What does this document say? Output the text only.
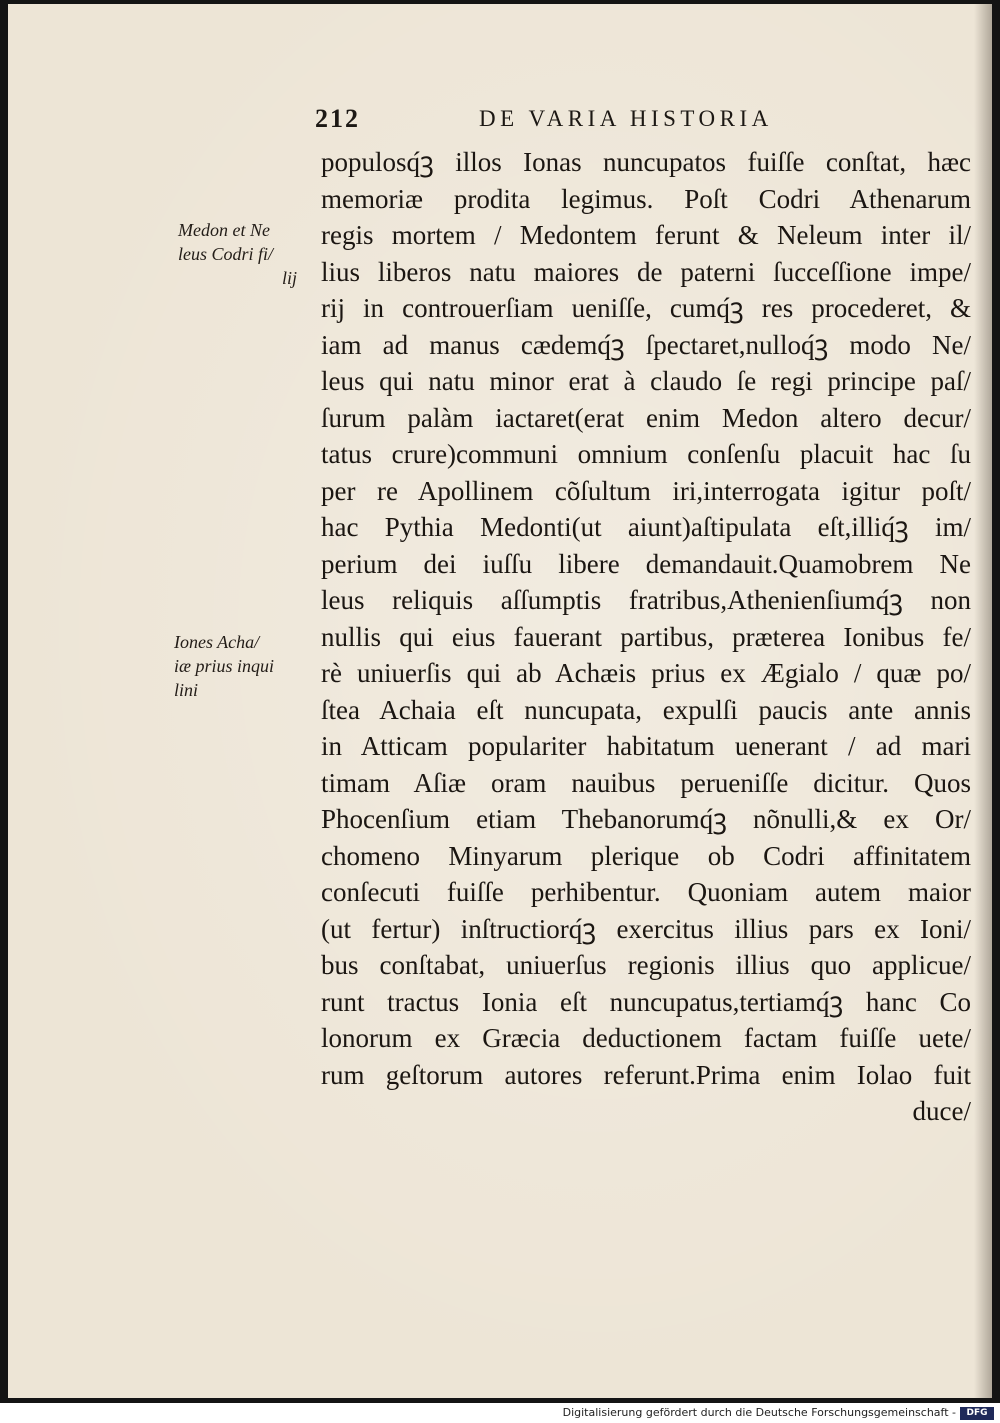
212	DE VARIA HISTORIA
Medon et Ne
leus Codri fi/
lij
Iones Acha/
iæ prius inqui
lini
populosq́ꝫ illos Ionas nuncupatos fuiſſe conſtat, hæc
memoriæ prodita legimus. Poſt Codri Athenarum
regis mortem / Medontem ferunt & Neleum inter il/
lius liberos natu maiores de paterni ſucceſſione impe/
rij in controuerſiam ueniſſe, cumq́ꝫ res procederet, &
iam ad manus cædemq́ꝫ ſpectaret,nulloq́ꝫ modo Ne/
leus qui natu minor erat à claudo ſe regi principe paſ/
ſurum palàm iactaret(erat enim Medon altero decur/
tatus crure)communi omnium conſenſu placuit hac ſu
per re Apollinem cõſultum iri,interrogata igitur poſt/
hac Pythia Medonti(ut aiunt)aſtipulata eſt,illiq́ꝫ im/
perium dei iuſſu libere demandauit.Quamobrem Ne
leus reliquis aſſumptis fratribus,Athenienſiumq́ꝫ non
nullis qui eius fauerant partibus, præterea Ionibus fe/
rè uniuerſis qui ab Achæis prius ex Ægialo / quæ po/
ſtea Achaia eſt nuncupata, expulſi paucis ante annis
in Atticam populariter habitatum uenerant / ad mari
timam Aſiæ oram nauibus perueniſſe dicitur. Quos
Phocenſium etiam Thebanorumq́ꝫ nõnulli,& ex Or/
chomeno Minyarum plerique ob Codri affinitatem
conſecuti fuiſſe perhibentur. Quoniam autem maior
(ut fertur) inſtructiorq́ꝫ exercitus illius pars ex Ioni/
bus conſtabat, uniuerſus regionis illius quo applicue/
runt tractus Ionia eſt nuncupatus,tertiamq́ꝫ hanc Co
lonorum ex Græcia deductionem factam fuiſſe uete/
rum geſtorum autores referunt.Prima enim Iolao fuit
duce/
Digitalisierung gefördert durch die Deutsche Forschungsgemeinschaft -	DFG
